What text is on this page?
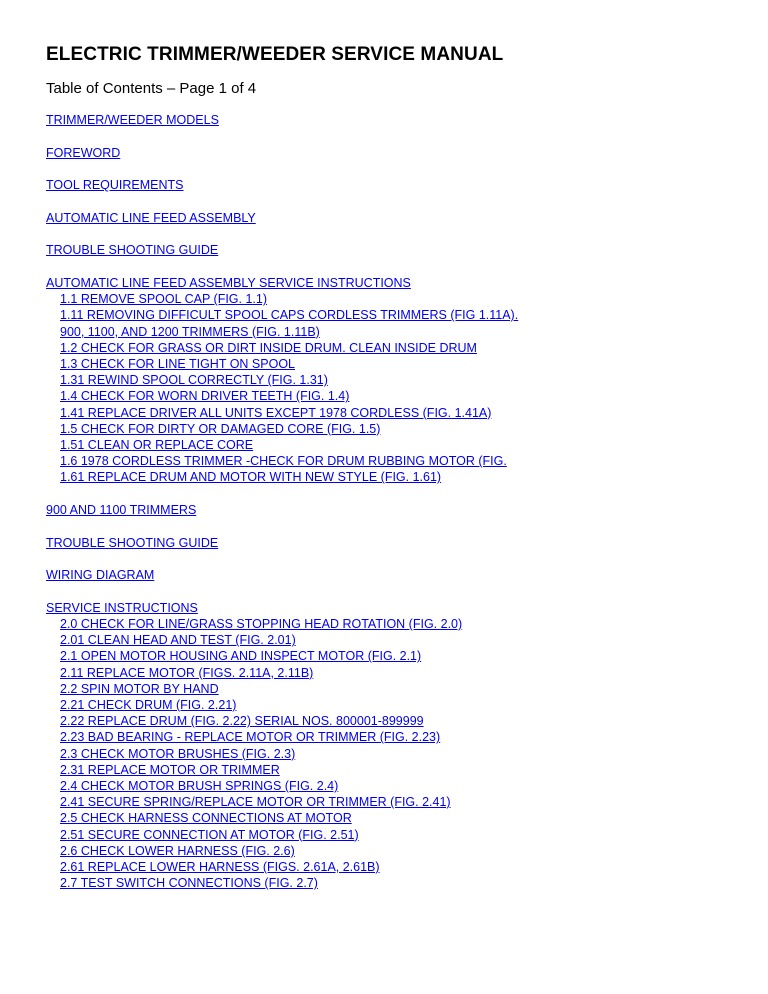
ELECTRIC TRIMMER/WEEDER SERVICE MANUAL
Table of Contents – Page 1 of 4
TRIMMER/WEEDER MODELS
FOREWORD
TOOL REQUIREMENTS
AUTOMATIC LINE FEED ASSEMBLY
TROUBLE SHOOTING GUIDE
AUTOMATIC LINE FEED ASSEMBLY SERVICE INSTRUCTIONS
1.1 REMOVE SPOOL CAP (FIG. 1.1)
1.11 REMOVING DIFFICULT SPOOL CAPS CORDLESS TRIMMERS (FIG 1.11A).
900, 1100, AND 1200 TRIMMERS (FIG. 1.11B)
1.2 CHECK FOR GRASS OR DIRT INSIDE DRUM. CLEAN INSIDE DRUM
1.3 CHECK FOR LINE TIGHT ON SPOOL
1.31 REWIND SPOOL CORRECTLY (FIG. 1.31)
1.4 CHECK FOR WORN DRIVER TEETH (FIG. 1.4)
1.41 REPLACE DRIVER ALL UNITS EXCEPT 1978 CORDLESS (FIG. 1.41A)
1.5 CHECK FOR DIRTY OR DAMAGED CORE (FIG. 1.5)
1.51 CLEAN OR REPLACE CORE
1.6 1978 CORDLESS TRIMMER -CHECK FOR DRUM RUBBING MOTOR (FIG.
1.61 REPLACE DRUM AND MOTOR WITH NEW STYLE (FIG. 1.61)
900 AND 1100 TRIMMERS
TROUBLE SHOOTING GUIDE
WIRING DIAGRAM
SERVICE INSTRUCTIONS
2.0 CHECK FOR LINE/GRASS STOPPING HEAD ROTATION (FIG. 2.0)
2.01 CLEAN HEAD AND TEST (FIG. 2.01)
2.1 OPEN MOTOR HOUSING AND INSPECT MOTOR (FIG. 2.1)
2.11 REPLACE MOTOR (FIGS. 2.11A, 2.11B)
2.2 SPIN MOTOR BY HAND
2.21 CHECK DRUM (FIG. 2.21)
2.22 REPLACE DRUM (FIG. 2.22) SERIAL NOS. 800001-899999
2.23 BAD BEARING - REPLACE MOTOR OR TRIMMER (FIG. 2.23)
2.3 CHECK MOTOR BRUSHES (FIG. 2.3)
2.31 REPLACE MOTOR OR TRIMMER
2.4 CHECK MOTOR BRUSH SPRINGS (FIG. 2.4)
2.41 SECURE SPRING/REPLACE MOTOR OR TRIMMER (FIG. 2.41)
2.5 CHECK HARNESS CONNECTIONS AT MOTOR
2.51 SECURE CONNECTION AT MOTOR (FIG. 2.51)
2.6 CHECK LOWER HARNESS (FIG. 2.6)
2.61 REPLACE LOWER HARNESS (FIGS. 2.61A, 2.61B)
2.7 TEST SWITCH CONNECTIONS (FIG. 2.7)
